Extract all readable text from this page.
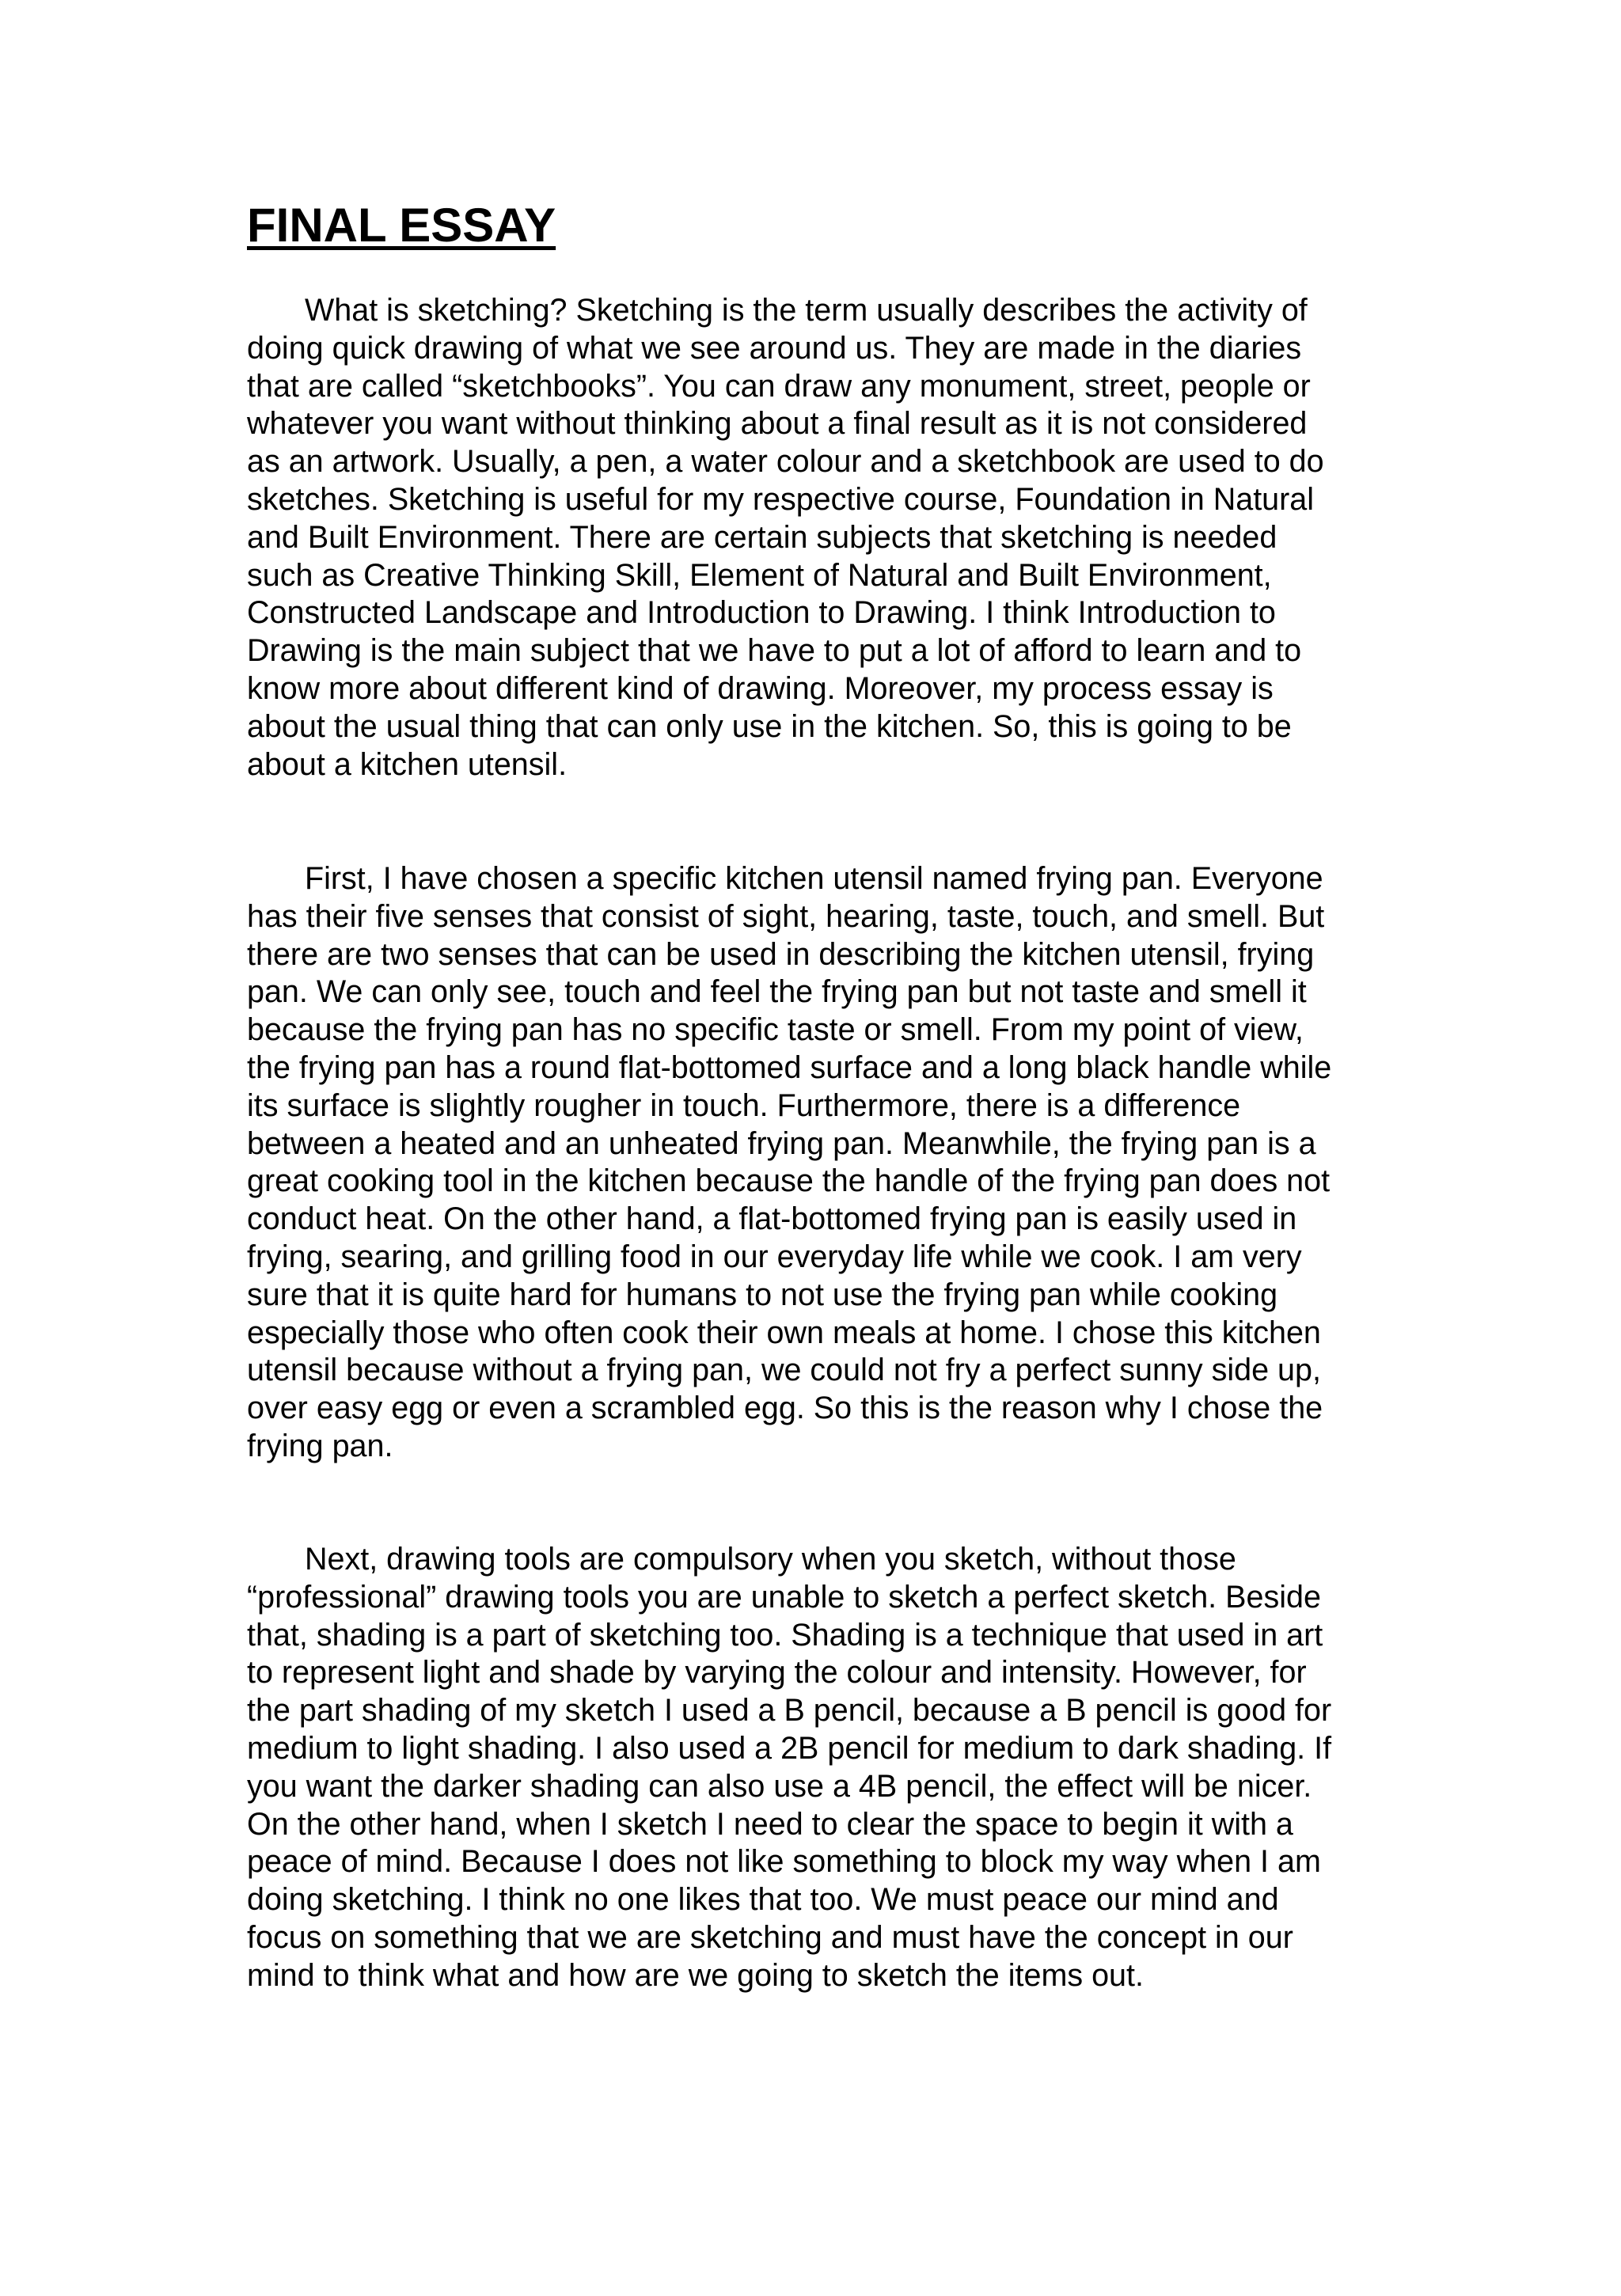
FINAL ESSAY
What is sketching? Sketching is the term usually describes the activity of
doing quick drawing of what we see around us. They are made in the diaries
that are called “sketchbooks”. You can draw any monument, street, people or
whatever you want without thinking about a final result as it is not considered
as an artwork. Usually, a pen, a water colour and a sketchbook are used to do
sketches. Sketching is useful for my respective course, Foundation in Natural
and Built Environment. There are certain subjects that sketching is needed
such as Creative Thinking Skill, Element of Natural and Built Environment,
Constructed Landscape and Introduction to Drawing. I think Introduction to
Drawing is the main subject that we have to put a lot of afford to learn and to
know more about different kind of drawing. Moreover, my process essay is
about the usual thing that can only use in the kitchen. So, this is going to be
about a kitchen utensil.
First, I have chosen a specific kitchen utensil named frying pan. Everyone
has their five senses that consist of sight, hearing, taste, touch, and smell. But
there are two senses that can be used in describing the kitchen utensil, frying
pan. We can only see, touch and feel the frying pan but not taste and smell it
because the frying pan has no specific taste or smell. From my point of view,
the frying pan has a round flat-bottomed surface and a long black handle while
its surface is slightly rougher in touch. Furthermore, there is a difference
between a heated and an unheated frying pan. Meanwhile, the frying pan is a
great cooking tool in the kitchen because the handle of the frying pan does not
conduct heat. On the other hand, a flat-bottomed frying pan is easily used in
frying, searing, and grilling food in our everyday life while we cook. I am very
sure that it is quite hard for humans to not use the frying pan while cooking
especially those who often cook their own meals at home. I chose this kitchen
utensil because without a frying pan, we could not fry a perfect sunny side up,
over easy egg or even a scrambled egg. So this is the reason why I chose the
frying pan.
Next, drawing tools are compulsory when you sketch, without those
“professional” drawing tools you are unable to sketch a perfect sketch. Beside
that, shading is a part of sketching too. Shading is a technique that used in art
to represent light and shade by varying the colour and intensity. However, for
the part shading of my sketch I used a B pencil, because a B pencil is good for
medium to light shading. I also used a 2B pencil for medium to dark shading. If
you want the darker shading can also use a 4B pencil, the effect will be nicer.
On the other hand, when I sketch I need to clear the space to begin it with a
peace of mind. Because I does not like something to block my way when I am
doing sketching. I think no one likes that too. We must peace our mind and
focus on something that we are sketching and must have the concept in our
mind to think what and how are we going to sketch the items out.
